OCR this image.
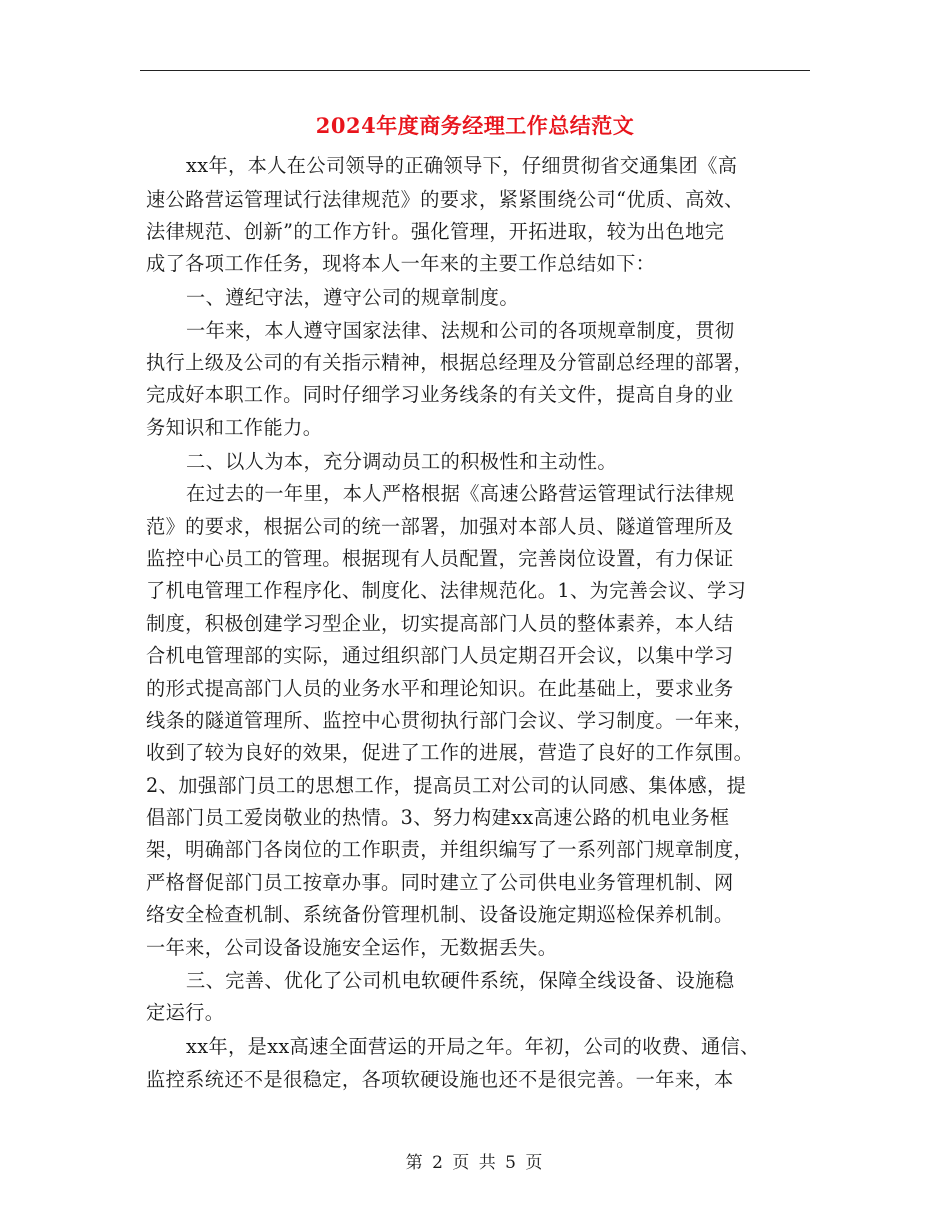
2024年度商务经理工作总结范文
xx年，本人在公司领导的正确领导下，仔细贯彻省交通集团《高
速公路营运管理试行法律规范》的要求，紧紧围绕公司“优质、高效、
法律规范、创新”的工作方针。强化管理，开拓进取，较为出色地完
成了各项工作任务，现将本人一年来的主要工作总结如下：
一、遵纪守法，遵守公司的规章制度。
一年来，本人遵守国家法律、法规和公司的各项规章制度，贯彻
执行上级及公司的有关指示精神，根据总经理及分管副总经理的部署，
完成好本职工作。同时仔细学习业务线条的有关文件，提高自身的业
务知识和工作能力。
二、以人为本，充分调动员工的积极性和主动性。
在过去的一年里，本人严格根据《高速公路营运管理试行法律规
范》的要求，根据公司的统一部署，加强对本部人员、隧道管理所及
监控中心员工的管理。根据现有人员配置，完善岗位设置，有力保证
了机电管理工作程序化、制度化、法律规范化。1、为完善会议、学习
制度，积极创建学习型企业，切实提高部门人员的整体素养，本人结
合机电管理部的实际，通过组织部门人员定期召开会议，以集中学习
的形式提高部门人员的业务水平和理论知识。在此基础上，要求业务
线条的隧道管理所、监控中心贯彻执行部门会议、学习制度。一年来，
收到了较为良好的效果，促进了工作的进展，营造了良好的工作氛围。
2、加强部门员工的思想工作，提高员工对公司的认同感、集体感，提
倡部门员工爱岗敬业的热情。3、努力构建xx高速公路的机电业务框
架，明确部门各岗位的工作职责，并组织编写了一系列部门规章制度，
严格督促部门员工按章办事。同时建立了公司供电业务管理机制、网
络安全检查机制、系统备份管理机制、设备设施定期巡检保养机制。
一年来，公司设备设施安全运作，无数据丢失。
三、完善、优化了公司机电软硬件系统，保障全线设备、设施稳
定运行。
xx年，是xx高速全面营运的开局之年。年初，公司的收费、通信、
监控系统还不是很稳定，各项软硬设施也还不是很完善。一年来，本
第 2 页 共 5 页
